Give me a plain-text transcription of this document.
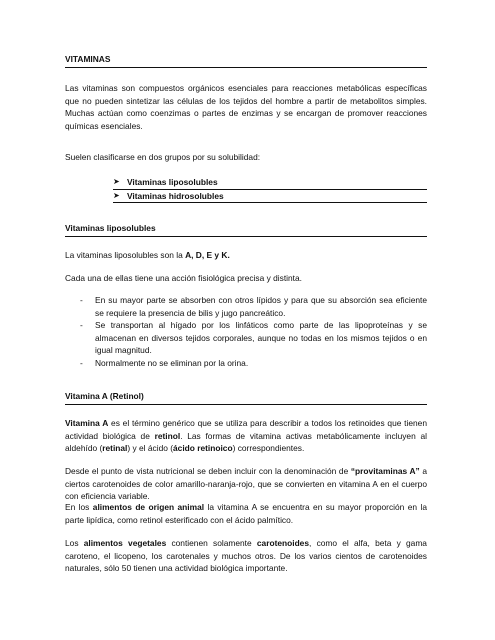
VITAMINAS

Las vitaminas son compuestos orgánicos esenciales para reacciones metabólicas específicas que no pueden sintetizar las células de los tejidos del hombre a partir de metabolitos simples. Muchas actúan como coenzimas o partes de enzimas y se encargan de promover reacciones químicas esenciales.

Suelen clasificarse en dos grupos por su solubilidad:

➤ Vitaminas liposolubles
➤ Vitaminas hidrosolubles
Vitaminas liposolubles

La vitaminas liposolubles son la A, D, E y K.

Cada una de ellas tiene una acción fisiológica precisa y distinta.

-	En su mayor parte se absorben con otros lípidos y para que su absorción sea eficiente se requiere la presencia de bilis y jugo pancreático.
-	Se transportan al hígado por los linfáticos como parte de las lipoproteínas y se almacenan en diversos tejidos corporales, aunque no todas en los mismos tejidos o en igual magnitud.
-	Normalmente no se eliminan por la orina.
Vitamina A (Retinol)

Vitamina A es el término genérico que se utiliza para describir a todos los retinoides que tienen actividad biológica de retinol. Las formas de vitamina activas metabólicamente incluyen al aldehído (retinal) y el ácido (ácido retinoico) correspondientes.

Desde el punto de vista nutricional se deben incluir con la denominación de “provitaminas A” a ciertos carotenoides de color amarillo-naranja-rojo, que se convierten en vitamina A en el cuerpo con eficiencia variable.

En los alimentos de origen animal la vitamina A se encuentra en su mayor proporción en la parte lipídica, como retinol esterificado con el ácido palmítico.

Los alimentos vegetales contienen solamente carotenoides, como el alfa, beta y gama caroteno, el licopeno, los carotenales y muchos otros. De los varios cientos de carotenoides naturales, sólo 50 tienen una actividad biológica importante.
